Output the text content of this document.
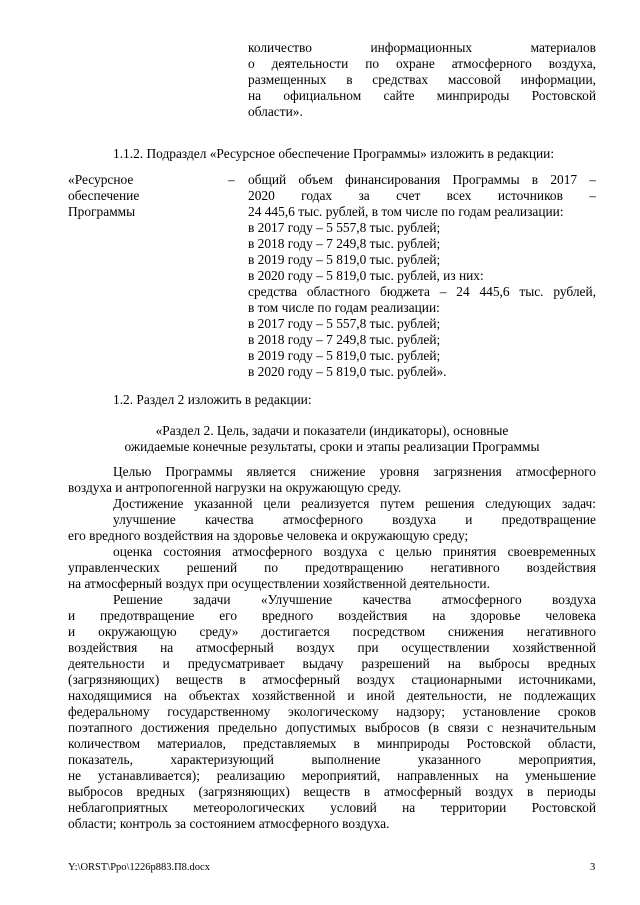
количество информационных материалов
о деятельности по охране атмосферного воздуха,
размещенных в средствах массовой информации,
на официальном сайте минприроды Ростовской
области».
1.1.2. Подраздел «Ресурсное обеспечение Программы» изложить в редакции:
«Ресурсное
обеспечение
Программы
– общий объем финансирования Программы в 2017 –
2020 годах за счет всех источников –
24 445,6 тыс. рублей, в том числе по годам реализации:
в 2017 году – 5 557,8 тыс. рублей;
в 2018 году – 7 249,8 тыс. рублей;
в 2019 году – 5 819,0 тыс. рублей;
в 2020 году – 5 819,0 тыс. рублей, из них:
средства областного бюджета – 24 445,6 тыс. рублей,
в том числе по годам реализации:
в 2017 году – 5 557,8 тыс. рублей;
в 2018 году – 7 249,8 тыс. рублей;
в 2019 году – 5 819,0 тыс. рублей;
в 2020 году – 5 819,0 тыс. рублей».
1.2. Раздел 2 изложить в редакции:
«Раздел 2. Цель, задачи и показатели (индикаторы), основные
ожидаемые конечные результаты, сроки и этапы реализации Программы
Целью Программы является снижение уровня загрязнения атмосферного
воздуха и антропогенной нагрузки на окружающую среду.
Достижение указанной цели реализуется путем решения следующих задач:
улучшение качества атмосферного воздуха и предотвращение
его вредного воздействия на здоровье человека и окружающую среду;
оценка состояния атмосферного воздуха с целью принятия своевременных
управленческих решений по предотвращению негативного воздействия
на атмосферный воздух при осуществлении хозяйственной деятельности.
Решение задачи «Улучшение качества атмосферного воздуха
и предотвращение его вредного воздействия на здоровье человека
и окружающую среду» достигается посредством снижения негативного
воздействия на атмосферный воздух при осуществлении хозяйственной
деятельности и предусматривает выдачу разрешений на выбросы вредных
(загрязняющих) веществ в атмосферный воздух стационарными источниками,
находящимися на объектах хозяйственной и иной деятельности, не подлежащих
федеральному государственному экологическому надзору; установление сроков
поэтапного достижения предельно допустимых выбросов (в связи с незначительным
количеством материалов, представляемых в минприроды Ростовской области,
показатель, характеризующий выполнение указанного мероприятия,
не устанавливается); реализацию мероприятий, направленных на уменьшение
выбросов вредных (загрязняющих) веществ в атмосферный воздух в периоды
неблагоприятных метеорологических условий на территории Ростовской
области; контроль за состоянием атмосферного воздуха.
Y:\ORST\Ppo\1226p883.П8.docx	3
